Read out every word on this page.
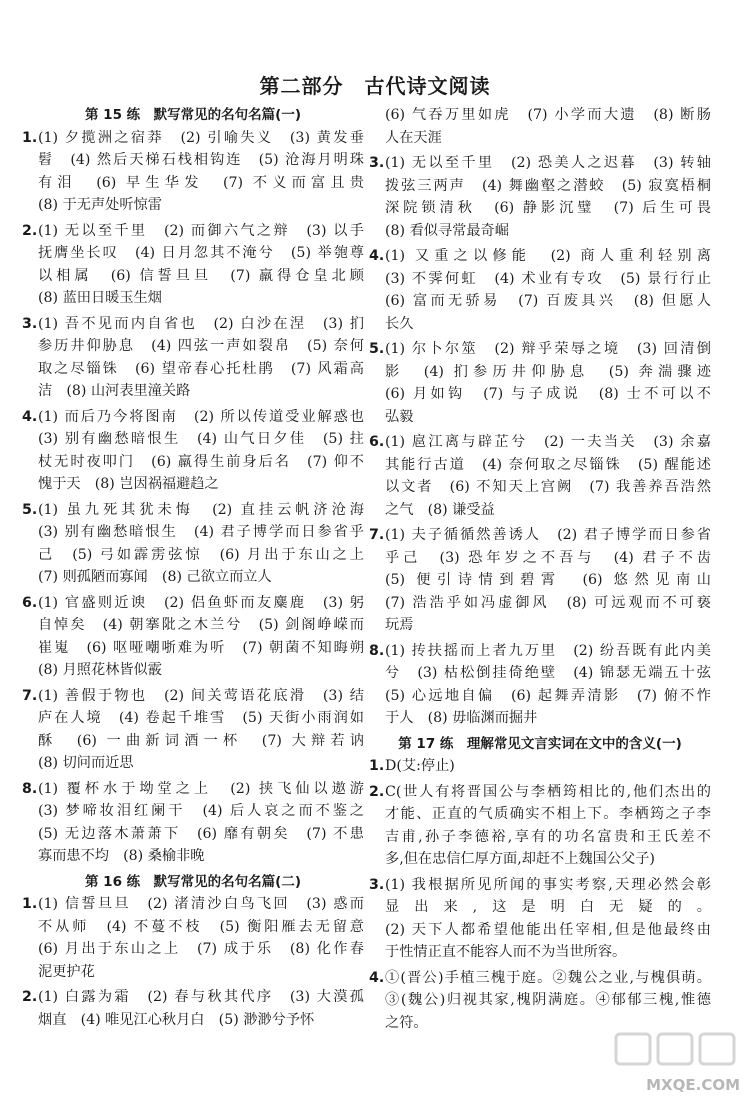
第二部分　古代诗文阅读
第 15 练　默写常见的名句名篇(一)
1. (1) 夕揽洲之宿莽　(2) 引喻失义　(3) 黄发垂
髫　(4) 然后天梯石栈相钩连　(5) 沧海月明珠
有泪　(6) 早生华发　(7) 不义而富且贵
(8) 于无声处听惊雷
2. (1) 无以至千里　(2) 而御六气之辩　(3) 以手
抚膺坐长叹　(4) 日月忽其不淹兮　(5) 举匏尊
以相属　(6) 信誓旦旦　(7) 羸得仓皇北顾
(8) 蓝田日暖玉生烟
3. (1) 吾不见而内自省也　(2) 白沙在涅　(3) 扪
参历井仰胁息　(4) 四弦一声如裂帛　(5) 奈何
取之尽锱铢　(6) 望帝春心托杜鹃　(7) 风霜高
洁　(8) 山河表里潼关路
4. (1) 而后乃今将图南　(2) 所以传道受业解惑也
(3) 别有幽愁暗恨生　(4) 山气日夕佳　(5) 拄
杖无时夜叩门　(6) 羸得生前身后名　(7) 仰不
愧于天　(8) 岂因祸福避趋之
5. (1) 虽九死其犹未悔　(2) 直挂云帆济沧海
(3) 别有幽愁暗恨生　(4) 君子博学而日参省乎
己　(5) 弓如霹雳弦惊　(6) 月出于东山之上
(7) 则孤陋而寡闻　(8) 己欲立而立人
6. (1) 官盛则近谀　(2) 侣鱼虾而友麋鹿　(3) 躬
自悼矣　(4) 朝搴阰之木兰兮　(5) 剑阁峥嵘而
崔嵬　(6) 呕哑嘲哳难为听　(7) 朝菌不知晦朔
(8) 月照花林皆似霰
7. (1) 善假于物也　(2) 间关莺语花底滑　(3) 结
庐在人境　(4) 卷起千堆雪　(5) 天街小雨润如
酥　(6) 一曲新词酒一杯　(7) 大辩若讷
(8) 切问而近思
8. (1) 覆杯水于坳堂之上　(2) 挟飞仙以遨游
(3) 梦啼妆泪红阑干　(4) 后人哀之而不鉴之
(5) 无边落木萧萧下　(6) 靡有朝矣　(7) 不患
寡而患不均　(8) 桑榆非晚
第 16 练　默写常见的名句名篇(二)
1. (1) 信誓旦旦　(2) 渚清沙白鸟飞回　(3) 惑而
不从师　(4) 不蔓不枝　(5) 衡阳雁去无留意
(6) 月出于东山之上　(7) 成于乐　(8) 化作春
泥更护花
2. (1) 白露为霜　(2) 春与秋其代序　(3) 大漠孤
烟直　(4) 唯见江心秋月白　(5) 渺渺兮予怀
(6) 气吞万里如虎　(7) 小学而大遗　(8) 断肠
人在天涯
3. (1) 无以至千里　(2) 恐美人之迟暮　(3) 转轴
拨弦三两声　(4) 舞幽壑之潜蛟　(5) 寂寞梧桐
深院锁清秋　(6) 静影沉璧　(7) 后生可畏
(8) 看似寻常最奇崛
4. (1) 又重之以修能　(2) 商人重利轻别离
(3) 不霁何虹　(4) 术业有专攻　(5) 景行行止
(6) 富而无骄易　(7) 百废具兴　(8) 但愿人
长久
5. (1) 尔卜尔筮　(2) 辩乎荣辱之境　(3) 回清倒
影　(4) 扪参历井仰胁息　(5) 奔湍骤迹
(6) 月如钩　(7) 与子成说　(8) 士不可以不
弘毅
6. (1) 扈江离与辟芷兮　(2) 一夫当关　(3) 余嘉
其能行古道　(4) 奈何取之尽锱铢　(5) 醒能述
以文者　(6) 不知天上宫阙　(7) 我善养吾浩然
之气　(8) 谦受益
7. (1) 夫子循循然善诱人　(2) 君子博学而日参省
乎己　(3) 恐年岁之不吾与　(4) 君子不齿
(5) 便引诗情到碧霄　(6) 悠然见南山
(7) 浩浩乎如冯虚御风　(8) 可远观而不可亵
玩焉
8. (1) 抟扶摇而上者九万里　(2) 纷吾既有此内美
兮　(3) 枯松倒挂倚绝壁　(4) 锦瑟无端五十弦
(5) 心远地自偏　(6) 起舞弄清影　(7) 俯不怍
于人　(8) 毋临渊而掘井
第 17 练　理解常见文言实词在文中的含义(一)
1. D(艾:停止)
2. C(世人有将晋国公与李栖筠相比的,他们杰出的
才能、正直的气质确实不相上下。李栖筠之子李
吉甫,孙子李德裕,享有的功名富贵和王氏差不
多,但在忠信仁厚方面,却赶不上魏国公父子)
3. (1) 我根据所见所闻的事实考察,天理必然会彰
显出来,这是明白无疑的。
(2) 天下人都希望他能出任宰相,但是他最终由
于性情正直不能容人而不为当世所容。
4. ①(晋公)手植三槐于庭。②魏公之业,与槐俱萌。
③(魏公)归视其家,槐阴满庭。④郁郁三槐,惟德
之符。
MXQE.COM
